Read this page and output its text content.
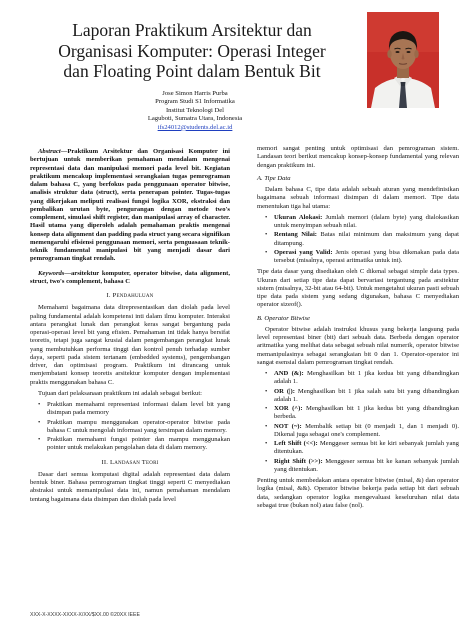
Laporan Praktikum Arsitektur dan
Organisasi Komputer: Operasi Integer
dan Floating Point dalam Bentuk Bit
Jose Simon Harris Purba
Program Studi S1 Informatika
Institut Teknologi Del
Laguboti, Sumatra Utara, Indonesia
ifs24012@students.del.ac.id
Abstract—Praktikum Arsitektur dan Organisasi Komputer ini bertujuan untuk memberikan pemahaman mendalam mengenai representasi data dan manipulasi memori pada level bit. Kegiatan praktikum mencakup implementasi serangkaian tugas pemrograman dalam bahasa C, yang berfokus pada penggunaan operator bitwise, analisis struktur data (struct), serta penerapan pointer. Tugas-tugas yang dikerjakan meliputi realisasi fungsi logika XOR, ekstraksi dan pembalikan urutan byte, pengurangan dengan metode two's complement, simulasi shift register, dan manipulasi array of character. Hasil utama yang diperoleh adalah pemahaman praktis mengenai konsep data alignment dan padding pada struct yang secara signifikan memengaruhi efisiensi penggunaan memori, serta penguasaan teknik-teknik fundamental manipulasi bit yang menjadi dasar dari pemrograman tingkat rendah.
Keywords—arsitektur komputer, operator bitwise, data alignment, struct, two's complement, bahasa C
I. Pendahuluan

Memahami bagaimana data direpresentasikan dan diolah pada level paling fundamental adalah kompetensi inti dalam ilmu komputer. Interaksi antara perangkat lunak dan perangkat keras sangat bergantung pada operasi-operasi level bit yang efisien. Pemahaman ini tidak hanya bersifat teoretis, tetapi juga sangat krusial dalam pengembangan perangkat lunak yang membutuhkan performa tinggi dan kontrol penuh terhadap sumber daya, seperti pada sistem tertanam (embedded systems), pengembangan driver, dan optimisasi program. Praktikum ini dirancang untuk menjembatani konsep teoretis arsitektur komputer dengan implementasi praktis menggunakan bahasa C.

Tujuan dari pelaksanaan praktikum ini adalah sebagai berikut:

• Praktikan memahami representasi informasi dalam level bit yang disimpan pada memory
• Praktikan mampu menggunakan operator-operator bitwise pada bahasa C untuk mengolah informasi yang tersimpan dalam memory.
• Praktikan memahami fungsi pointer dan mampu menggunakan pointer untuk melakukan pengolahan data di dalam memory.
II. Landasan Teori

Dasar dari semua komputasi digital adalah representasi data dalam bentuk biner. Bahasa pemrograman tingkat tinggi seperti C menyediakan abstraksi untuk memanipulasi data ini, namun pemahaman mendalam tentang bagaimana data disimpan dan diolah pada level

memori sangat penting untuk optimisasi dan pemrograman sistem. Landasan teori berikut mencakup konsep-konsep fundamental yang relevan dengan praktikum ini.

A. Tipe Data

Dalam bahasa C, tipe data adalah sebuah aturan yang mendefinisikan bagaimana sebuah informasi disimpan di dalam memori. Tipe data menentukan tiga hal utama:

• Ukuran Alokasi: Jumlah memori (dalam byte) yang dialokasikan untuk menyimpan sebuah nilai.
• Rentang Nilai: Batas nilai minimum dan maksimum yang dapat ditampung.
• Operasi yang Valid: Jenis operasi yang bisa dikenakan pada data tersebut (misalnya, operasi aritmatika untuk int).

Tipe data dasar yang disediakan oleh C dikenal sebagai simple data types. Ukuran dari setiap tipe data dapat bervariasi tergantung pada arsitektur sistem (misalnya, 32-bit atau 64-bit). Untuk mengetahui ukuran pasti sebuah tipe data pada sistem yang sedang digunakan, bahasa C menyediakan operator sizeof().

B. Operator Bitwise

Operator bitwise adalah instruksi khusus yang bekerja langsung pada level representasi biner (bit) dari sebuah data. Berbeda dengan operator aritmatika yang melihat data sebagai sebuah nilai numerik, operator bitwise memanipulasinya sebagai serangkaian bit 0 dan 1. Operator-operator ini sangat esensial dalam pemrograman tingkat rendah.

• AND (&): Menghasilkan bit 1 jika kedua bit yang dibandingkan adalah 1.
• OR (|): Menghasilkan bit 1 jika salah satu bit yang dibandingkan adalah 1.
• XOR (^): Menghasilkan bit 1 jika kedua bit yang dibandingkan berbeda.
• NOT (~): Membalik setiap bit (0 menjadi 1, dan 1 menjadi 0). Dikenal juga sebagai one's complement.
• Left Shift (<<): Menggeser semua bit ke kiri sebanyak jumlah yang ditentukan.
• Right Shift (>>): Menggeser semua bit ke kanan sebanyak jumlah yang ditentukan.

Penting untuk membedakan antara operator bitwise (misal, &) dan operator logika (misal, &&). Operator bitwise bekerja pada setiap bit dari sebuah data, sedangkan operator logika mengevaluasi keseluruhan nilai data sebagai true (bukan nol) atau false (nol).

XXX-X-XXXX-XXXX-X/XX/$XX.00 ©20XX IEEE
